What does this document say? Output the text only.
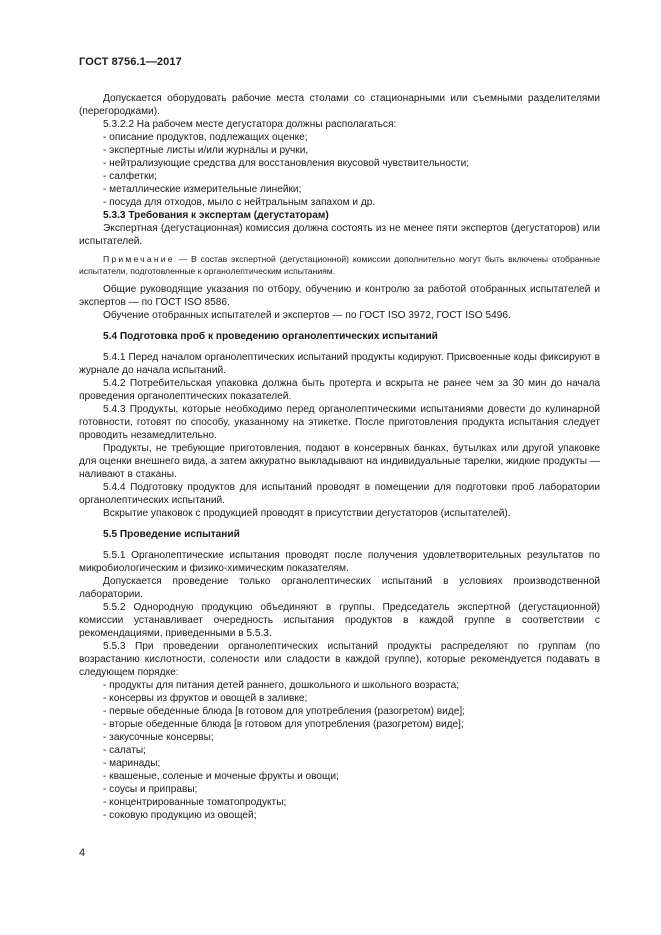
ГОСТ 8756.1—2017

Допускается оборудовать рабочие места столами со стационарными или съемными разделителями (перегородками).

5.3.2.2 На рабочем месте дегустатора должны располагаться:

- описание продуктов, подлежащих оценке;

- экспертные листы и/или журналы и ручки,

- нейтрализующие средства для восстановления вкусовой чувствительности;

- салфетки;

- металлические измерительные линейки;

- посуда для отходов, мыло с нейтральным запахом и др.

5.3.3 Требования к экспертам (дегустаторам)

Экспертная (дегустационная) комиссия должна состоять из не менее пяти экспертов (дегустаторов) или испытателей.

Примечание — В состав экспертной (дегустационной) комиссии дополнительно могут быть включены отобранные испытатели, подготовленные к органолептическим испытаниям.

Общие руководящие указания по отбору, обучению и контролю за работой отобранных испытателей и экспертов — по ГОСТ ISO 8586.

Обучение отобранных испытателей и экспертов — по ГОСТ ISO 3972, ГОСТ ISO 5496.

5.4 Подготовка проб к проведению органолептических испытаний

5.4.1 Перед началом органолептических испытаний продукты кодируют. Присвоенные коды фиксируют в журнале до начала испытаний.

5.4.2 Потребительская упаковка должна быть протерта и вскрыта не ранее чем за 30 мин до начала проведения органолептических показателей.

5.4.3 Продукты, которые необходимо перед органолептическими испытаниями довести до кулинарной готовности, готовят по способу, указанному на этикетке. После приготовления продукта испытания следует проводить незамедлительно.

Продукты, не требующие приготовления, подают в консервных банках, бутылках или другой упаковке для оценки внешнего вида, а затем аккуратно выкладывают на индивидуальные тарелки, жидкие продукты — наливают в стаканы.

5.4.4 Подготовку продуктов для испытаний проводят в помещении для подготовки проб лаборатории органолептических испытаний.

Вскрытие упаковок с продукцией проводят в присутствии дегустаторов (испытателей).

5.5 Проведение испытаний

5.5.1 Органолептические испытания проводят после получения удовлетворительных результатов по микробиологическим и физико-химическим показателям.

Допускается проведение только органолептических испытаний в условиях производственной лаборатории.

5.5.2 Однородную продукцию объединяют в группы. Председатель экспертной (дегустационной) комиссии устанавливает очередность испытания продуктов в каждой группе в соответствии с рекомендациями, приведенными в 5.5.3.

5.5.3 При проведении органолептических испытаний продукты распределяют по группам (по возрастанию кислотности, солености или сладости в каждой группе), которые рекомендуется подавать в следующем порядке:

- продукты для питания детей раннего, дошкольного и школьного возраста;

- консервы из фруктов и овощей в заливке;

- первые обеденные блюда [в готовом для употребления (разогретом) виде];

- вторые обеденные блюда [в готовом для употребления (разогретом) виде];

- закусочные консервы;

- салаты;

- маринады;

- квашеные, соленые и моченые фрукты и овощи;

- соусы и приправы;

- концентрированные томатопродукты;

- соковую продукцию из овощей;

4
